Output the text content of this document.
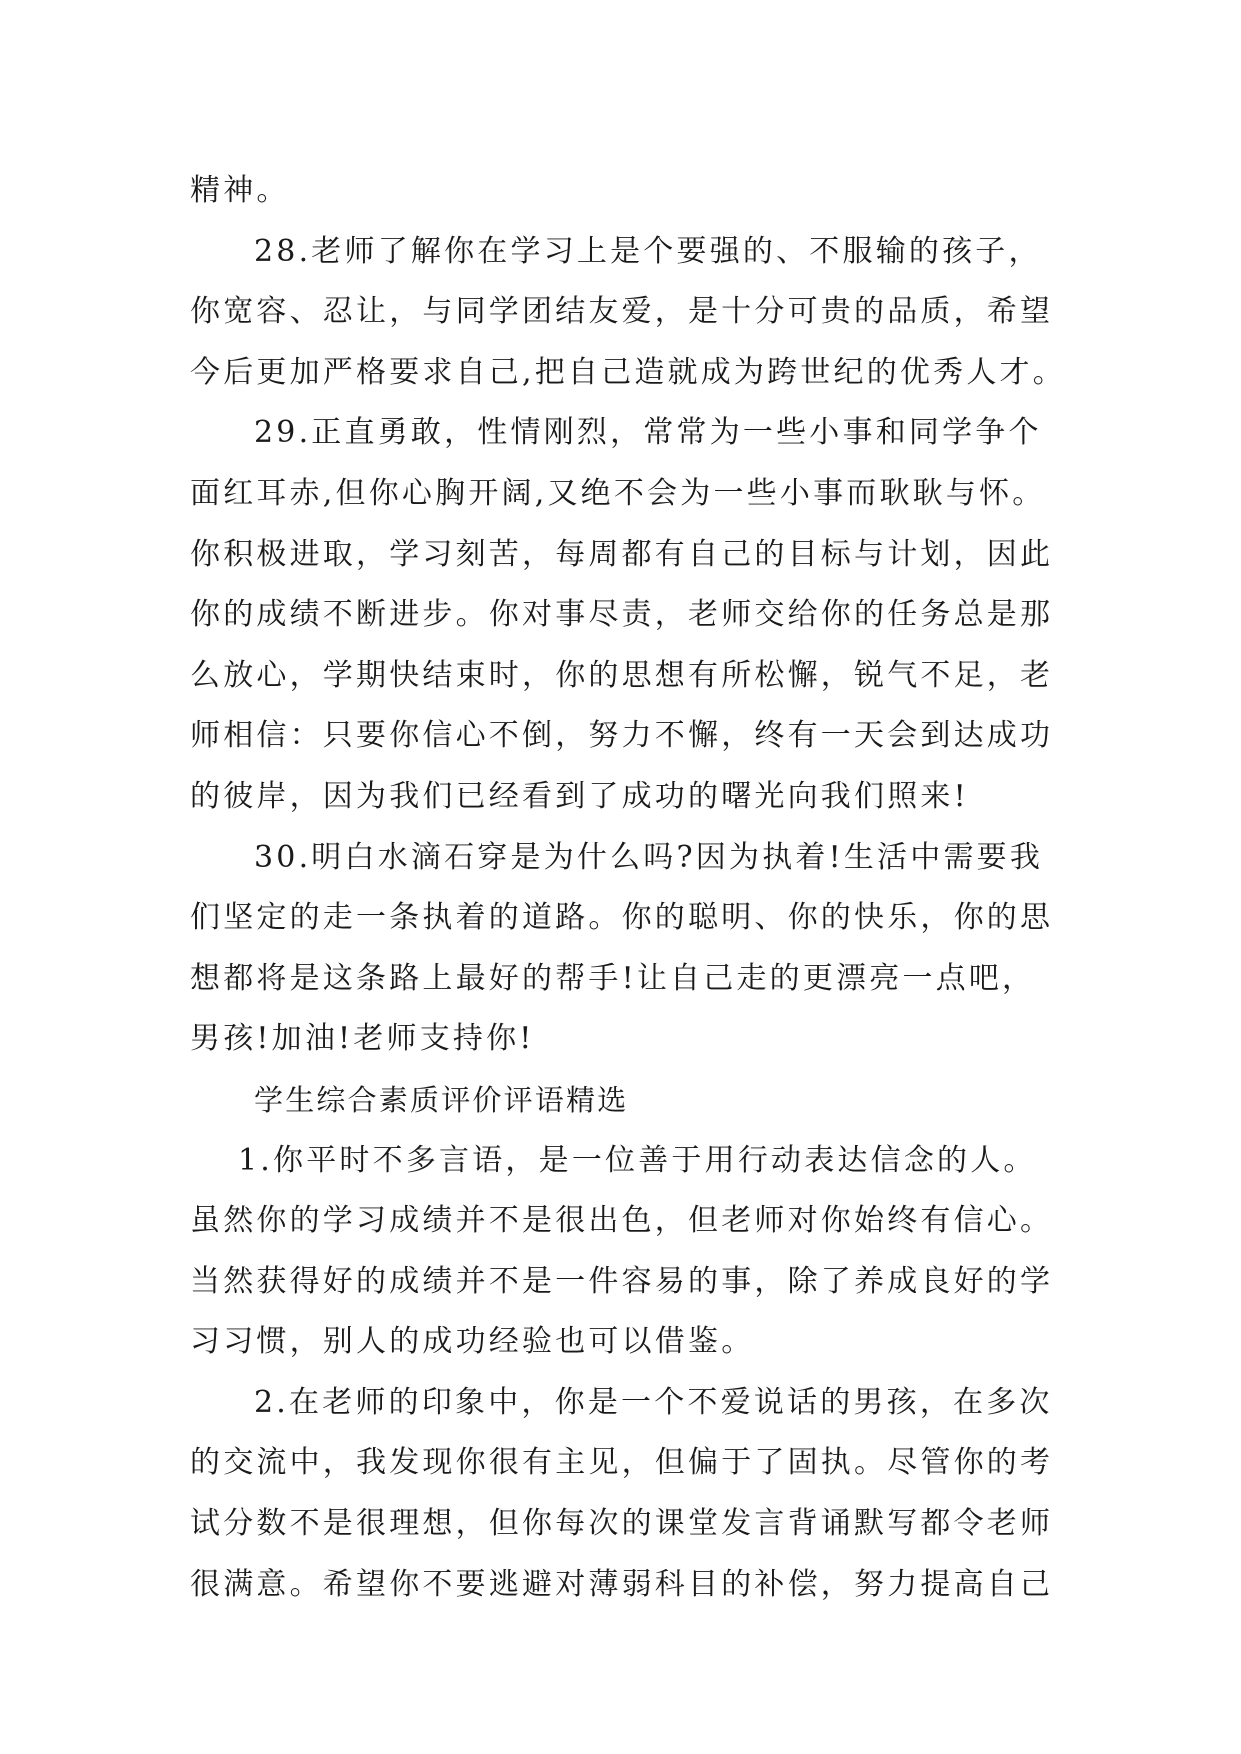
精神。
28.老师了解你在学习上是个要强的、不服输的孩子，
你宽容、忍让，与同学团结友爱，是十分可贵的品质，希望
今后更加严格要求自己,把自己造就成为跨世纪的优秀人才。
29.正直勇敢，性情刚烈，常常为一些小事和同学争个
面红耳赤,但你心胸开阔,又绝不会为一些小事而耿耿与怀。
你积极进取，学习刻苦，每周都有自己的目标与计划，因此
你的成绩不断进步。你对事尽责，老师交给你的任务总是那
么放心，学期快结束时，你的思想有所松懈，锐气不足，老
师相信：只要你信心不倒，努力不懈，终有一天会到达成功
的彼岸，因为我们已经看到了成功的曙光向我们照来!
30.明白水滴石穿是为什么吗?因为执着!生活中需要我
们坚定的走一条执着的道路。你的聪明、你的快乐，你的思
想都将是这条路上最好的帮手!让自己走的更漂亮一点吧，
男孩!加油!老师支持你!
学生综合素质评价评语精选
1.你平时不多言语，是一位善于用行动表达信念的人。
虽然你的学习成绩并不是很出色，但老师对你始终有信心。
当然获得好的成绩并不是一件容易的事，除了养成良好的学
习习惯，别人的成功经验也可以借鉴。
2.在老师的印象中，你是一个不爱说话的男孩，在多次
的交流中，我发现你很有主见，但偏于了固执。尽管你的考
试分数不是很理想，但你每次的课堂发言背诵默写都令老师
很满意。希望你不要逃避对薄弱科目的补偿，努力提高自己
